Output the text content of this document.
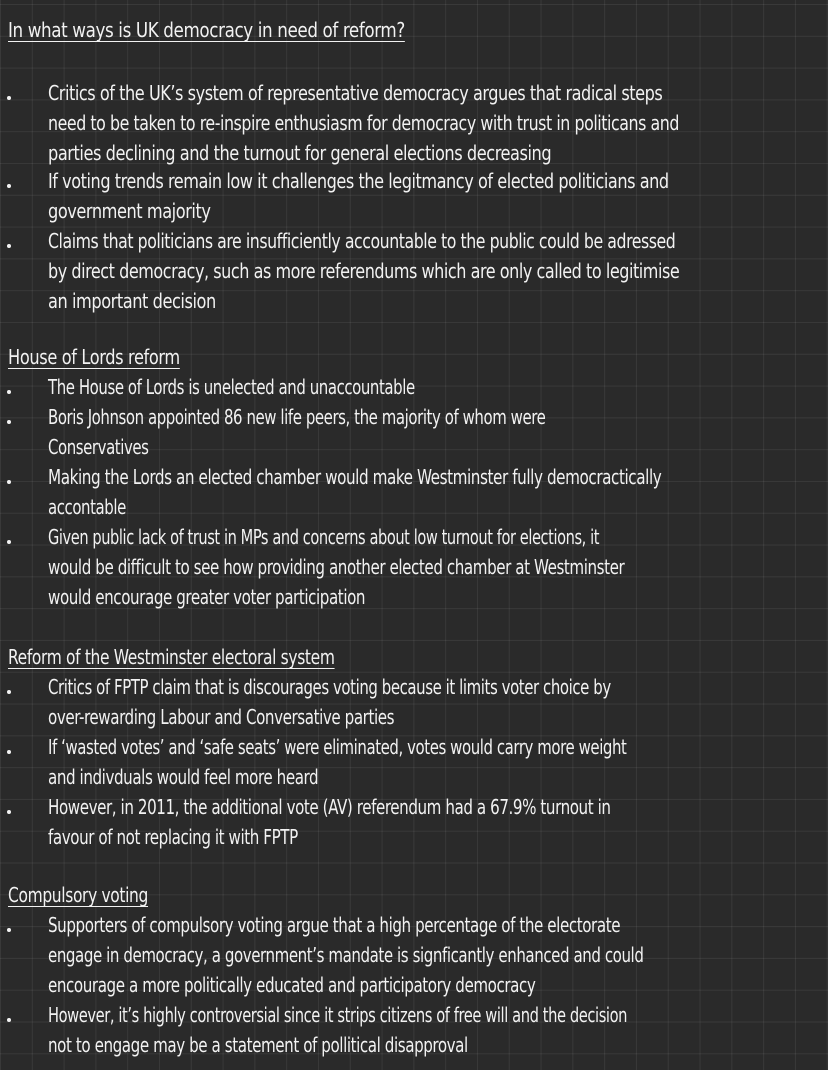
In what ways is UK democracy in need of reform?
Critics of the UK’s system of representative democracy argues that radical steps
need to be taken to re-inspire enthusiasm for democracy with trust in politicans and
parties declining and the turnout for general elections decreasing
If voting trends remain low it challenges the legitmancy of elected politicians and
government majority
Claims that politicians are insufficiently accountable to the public could be adressed
by direct democracy, such as more referendums which are only called to legitimise
an important decision
House of Lords reform
The House of Lords is unelected and unaccountable
Boris Johnson appointed 86 new life peers, the majority of whom were
Conservatives
Making the Lords an elected chamber would make Westminster fully democractically
accontable
Given public lack of trust in MPs and concerns about low turnout for elections, it
would be difficult to see how providing another elected chamber at Westminster
would encourage greater voter participation
Reform of the Westminster electoral system
Critics of FPTP claim that is discourages voting because it limits voter choice by
over-rewarding Labour and Conversative parties
If ‘wasted votes’ and ‘safe seats’ were eliminated, votes would carry more weight
and indivduals would feel more heard
However, in 2011, the additional vote (AV) referendum had a 67.9% turnout in
favour of not replacing it with FPTP
Compulsory voting
Supporters of compulsory voting argue that a high percentage of the electorate
engage in democracy, a government’s mandate is signficantly enhanced and could
encourage a more politically educated and participatory democracy
However, it’s highly controversial since it strips citizens of free will and the decision
not to engage may be a statement of pollitical disapproval
